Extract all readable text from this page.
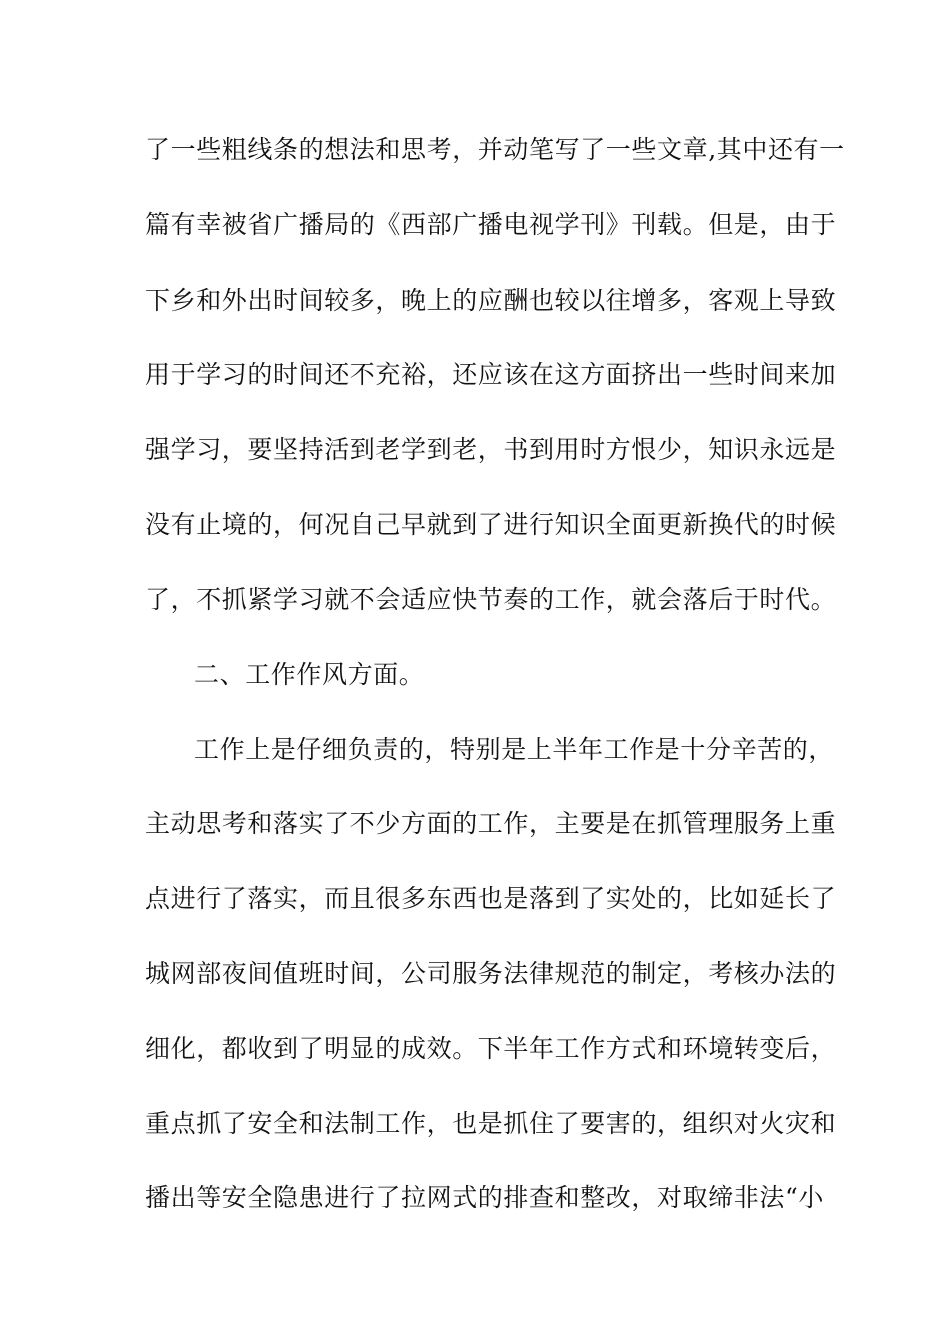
了一些粗线条的想法和思考，并动笔写了一些文章,其中还有一
篇有幸被省广播局的《西部广播电视学刊》刊载。但是，由于
下乡和外出时间较多，晚上的应酬也较以往增多，客观上导致
用于学习的时间还不充裕，还应该在这方面挤出一些时间来加
强学习，要坚持活到老学到老，书到用时方恨少，知识永远是
没有止境的，何况自己早就到了进行知识全面更新换代的时候
了，不抓紧学习就不会适应快节奏的工作，就会落后于时代。
二、工作作风方面。
工作上是仔细负责的，特别是上半年工作是十分辛苦的，
主动思考和落实了不少方面的工作，主要是在抓管理服务上重
点进行了落实，而且很多东西也是落到了实处的，比如延长了
城网部夜间值班时间，公司服务法律规范的制定，考核办法的
细化，都收到了明显的成效。下半年工作方式和环境转变后，
重点抓了安全和法制工作，也是抓住了要害的，组织对火灾和
播出等安全隐患进行了拉网式的排查和整改，对取缔非法“小
